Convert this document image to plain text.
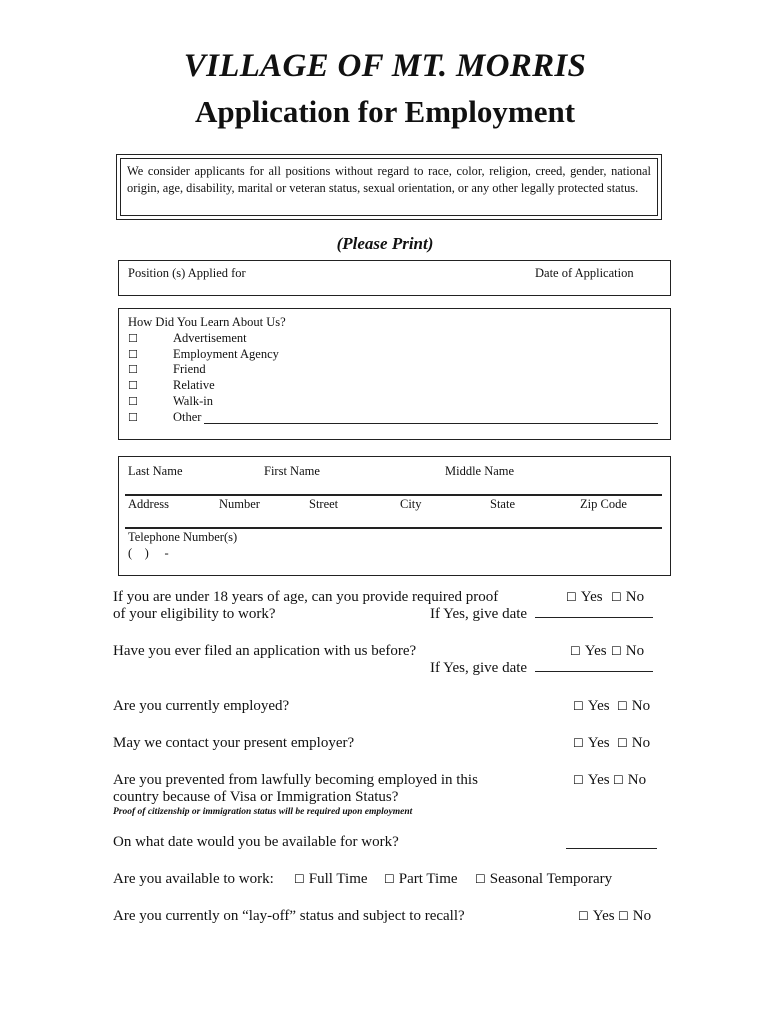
VILLAGE OF MT. MORRIS
Application for Employment
We consider applicants for all positions without regard to race, color, religion, creed, gender, national origin, age, disability, marital or veteran status, sexual orientation, or any other legally protected status.
(Please Print)
Position (s) Applied for	Date of Application
How Did You Learn About Us?
☐	Advertisement
☐	Employment Agency
☐	Friend
☐	Relative
☐	Walk-in
☐	Other
Last Name	First Name	Middle Name
Address	Number	Street	City	State	Zip Code
Telephone Number(s)
(    )     -
If you are under 18 years of age, can you provide required proof
of your eligibility to work?
☐ Yes ☐ No
If Yes, give date
Have you ever filed an application with us before?	☐ Yes ☐ No
If Yes, give date
Are you currently employed?	☐ Yes ☐ No
May we contact your present employer?	☐ Yes ☐ No
Are you prevented from lawfully becoming employed in this
country because of Visa or Immigration Status?
Proof of citizenship or immigration status will be required upon employment
☐ Yes ☐ No
On what date would you be available for work?
Are you available to work: ☐ Full Time ☐ Part Time ☐ Seasonal Temporary
Are you currently on “lay-off” status and subject to recall?	☐ Yes ☐ No
